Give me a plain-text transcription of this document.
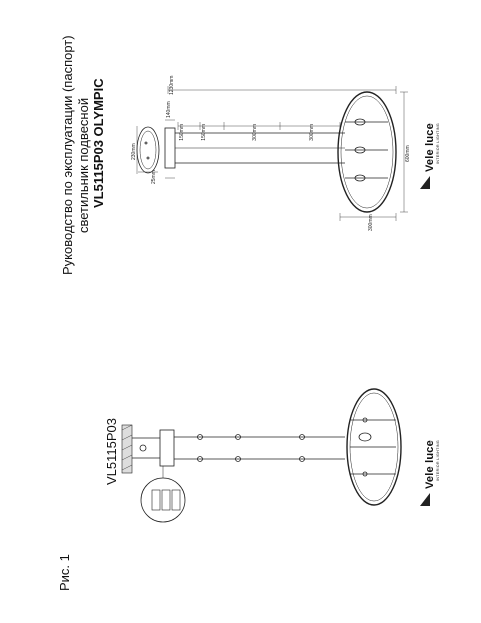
Руководство по эксплуатации (паспорт) светильник подвесной VL5115P03 OLYMPIC
Рис. 1
VL5115P03
Vele luce INTERIOR LIGHTING
Vele luce INTERIOR LIGHTING
1230mm
150mm	150mm	300mm	300mm
600mm
300mm
230mm
25mm
140mm
